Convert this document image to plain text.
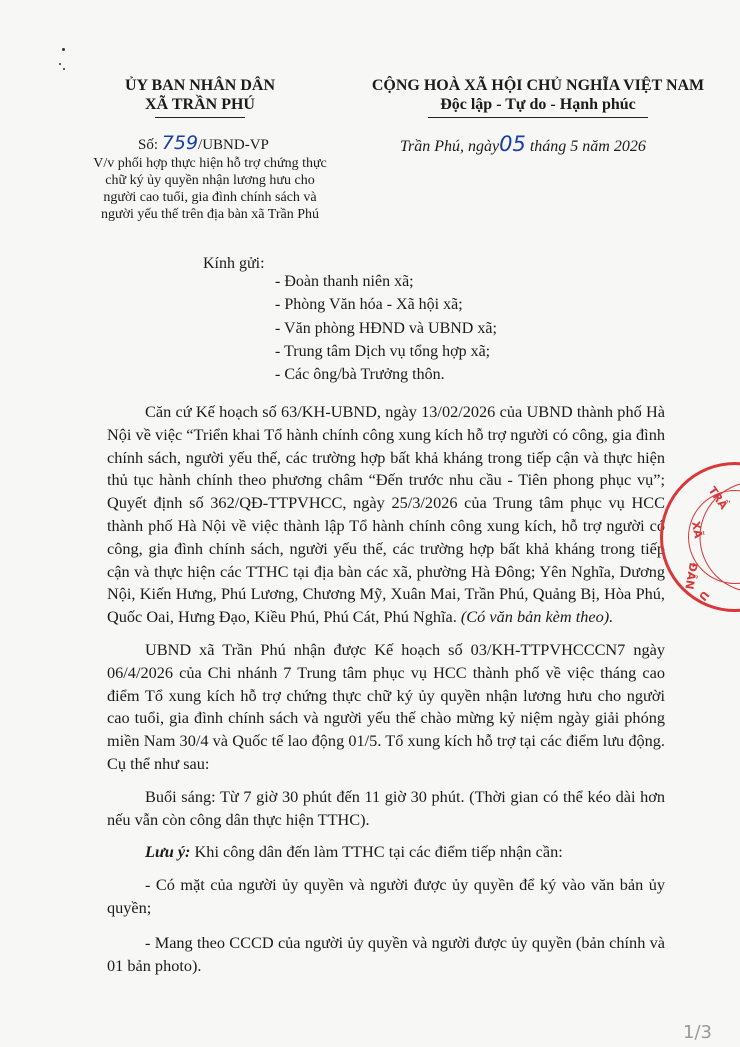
ỦY BAN NHÂN DÂN
XÃ TRẦN PHÚ
CỘNG HOÀ XÃ HỘI CHỦ NGHĨA VIỆT NAM
Độc lập - Tự do - Hạnh phúc
Số: 759/UBND-VP	Trần Phú, ngày05 tháng 5 năm 2026
V/v phối hợp thực hiện hỗ trợ chứng thực chữ ký ủy quyền nhận lương hưu cho người cao tuổi, gia đình chính sách và người yếu thế trên địa bàn xã Trần Phú
Kính gửi:
- Đoàn thanh niên xã;
- Phòng Văn hóa - Xã hội xã;
- Văn phòng HĐND và UBND xã;
- Trung tâm Dịch vụ tổng hợp xã;
- Các ông/bà Trưởng thôn.

Căn cứ Kế hoạch số 63/KH-UBND, ngày 13/02/2026 của UBND thành phố Hà Nội về việc “Triển khai Tổ hành chính công xung kích hỗ trợ người có công, gia đình chính sách, người yếu thế, các trường hợp bất khả kháng trong tiếp cận và thực hiện thủ tục hành chính theo phương châm “Đến trước nhu cầu - Tiên phong phục vụ”; Quyết định số 362/QĐ-TTPVHCC, ngày 25/3/2026 của Trung tâm phục vụ HCC thành phố Hà Nội về việc thành lập Tổ hành chính công xung kích, hỗ trợ người có công, gia đình chính sách, người yếu thế, các trường hợp bất khả kháng trong tiếp cận và thực hiện các TTHC tại địa bàn các xã, phường Hà Đông; Yên Nghĩa, Dương Nội, Kiến Hưng, Phú Lương, Chương Mỹ, Xuân Mai, Trần Phú, Quảng Bị, Hòa Phú, Quốc Oai, Hưng Đạo, Kiều Phú, Phú Cát, Phú Nghĩa. (Có văn bản kèm theo).

UBND xã Trần Phú nhận được Kế hoạch số 03/KH-TTPVHCCCN7 ngày 06/4/2026 của Chi nhánh 7 Trung tâm phục vụ HCC thành phố về việc tháng cao điểm Tổ xung kích hỗ trợ chứng thực chữ ký ủy quyền nhận lương hưu cho người cao tuổi, gia đình chính sách và người yếu thế chào mừng kỷ niệm ngày giải phóng miền Nam 30/4 và Quốc tế lao động 01/5. Tổ xung kích hỗ trợ tại các điểm lưu động. Cụ thể như sau:

Buổi sáng: Từ 7 giờ 30 phút đến 11 giờ 30 phút. (Thời gian có thể kéo dài hơn nếu vẫn còn công dân thực hiện TTHC).

Lưu ý: Khi công dân đến làm TTHC tại các điểm tiếp nhận cần:

- Có mặt của người ủy quyền và người được ủy quyền để ký vào văn bản ủy quyền;

- Mang theo CCCD của người ủy quyền và người được ủy quyền (bản chính và 01 bản photo).

TRẦ
XÃ
ĐÂN
U
1/3
